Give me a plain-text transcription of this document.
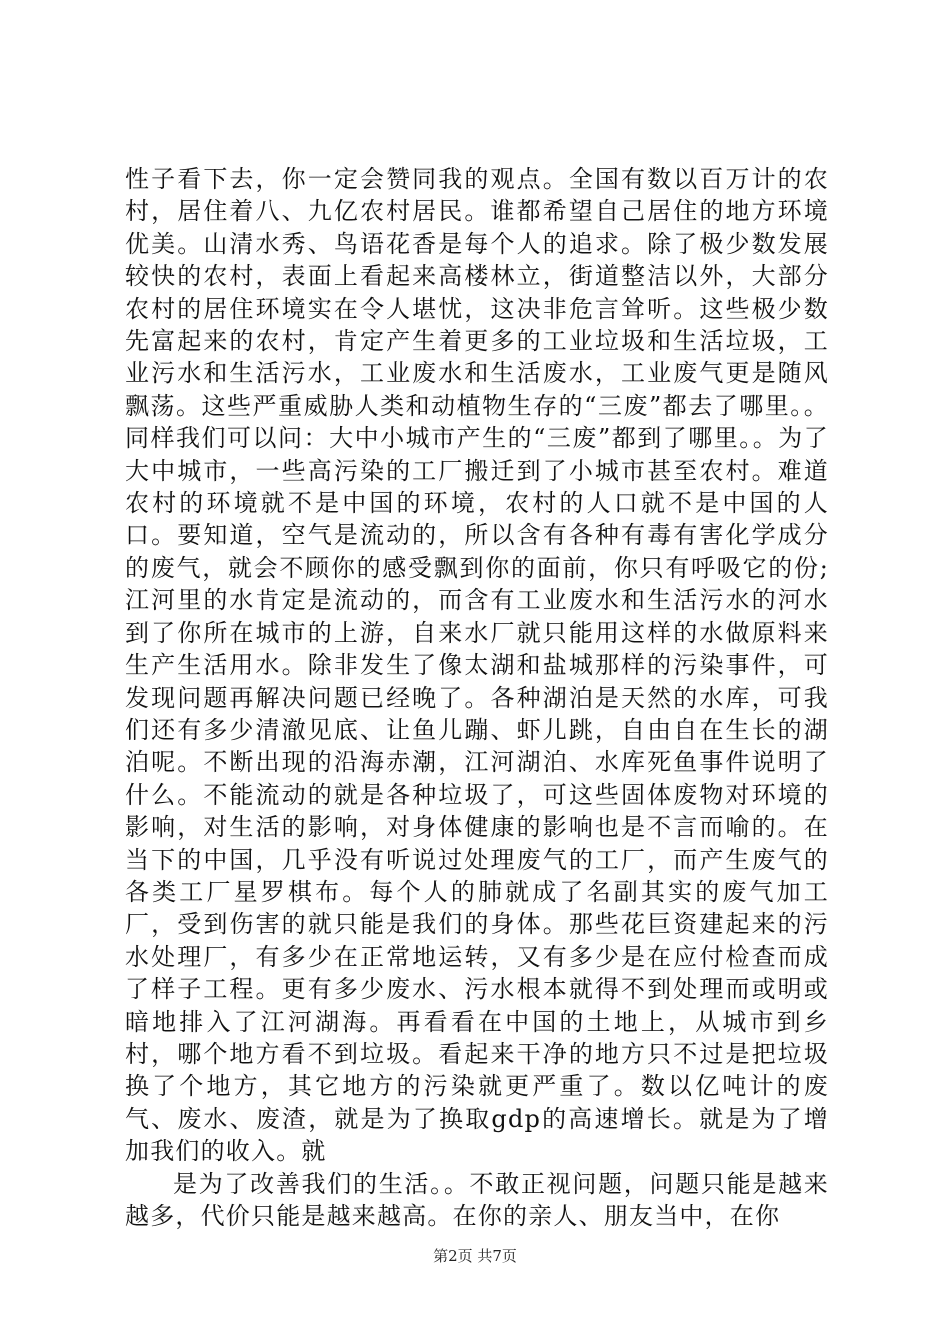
性子看下去，你一定会赞同我的观点。全国有数以百万计的农村，居住着八、九亿农村居民。谁都希望自己居住的地方环境优美。山清水秀、鸟语花香是每个人的追求。除了极少数发展较快的农村，表面上看起来高楼林立，街道整洁以外，大部分农村的居住环境实在令人堪忧，这决非危言耸听。这些极少数先富起来的农村，肯定产生着更多的工业垃圾和生活垃圾，工业污水和生活污水，工业废水和生活废水，工业废气更是随风飘荡。这些严重威胁人类和动植物生存的“三废”都去了哪里。。同样我们可以问：大中小城市产生的“三废”都到了哪里。。为了大中城市，一些高污染的工厂搬迁到了小城市甚至农村。难道农村的环境就不是中国的环境，农村的人口就不是中国的人口。要知道，空气是流动的，所以含有各种有毒有害化学成分的废气，就会不顾你的感受飘到你的面前，你只有呼吸它的份;江河里的水肯定是流动的，而含有工业废水和生活污水的河水到了你所在城市的上游，自来水厂就只能用这样的水做原料来生产生活用水。除非发生了像太湖和盐城那样的污染事件，可发现问题再解决问题已经晚了。各种湖泊是天然的水库，可我们还有多少清澈见底、让鱼儿蹦、虾儿跳，自由自在生长的湖泊呢。不断出现的沿海赤潮，江河湖泊、水库死鱼事件说明了什么。不能流动的就是各种垃圾了，可这些固体废物对环境的影响，对生活的影响，对身体健康的影响也是不言而喻的。在当下的中国，几乎没有听说过处理废气的工厂，而产生废气的各类工厂星罗棋布。每个人的肺就成了名副其实的废气加工厂，受到伤害的就只能是我们的身体。那些花巨资建起来的污水处理厂，有多少在正常地运转，又有多少是在应付检查而成了样子工程。更有多少废水、污水根本就得不到处理而或明或暗地排入了江河湖海。再看看在中国的土地上，从城市到乡村，哪个地方看不到垃圾。看起来干净的地方只不过是把垃圾换了个地方，其它地方的污染就更严重了。数以亿吨计的废气、废水、废渣，就是为了换取gdp的高速增长。就是为了增加我们的收入。就

是为了改善我们的生活。。不敢正视问题，问题只能是越来越多，代价只能是越来越高。在你的亲人、朋友当中，在你

第2页 共7页
